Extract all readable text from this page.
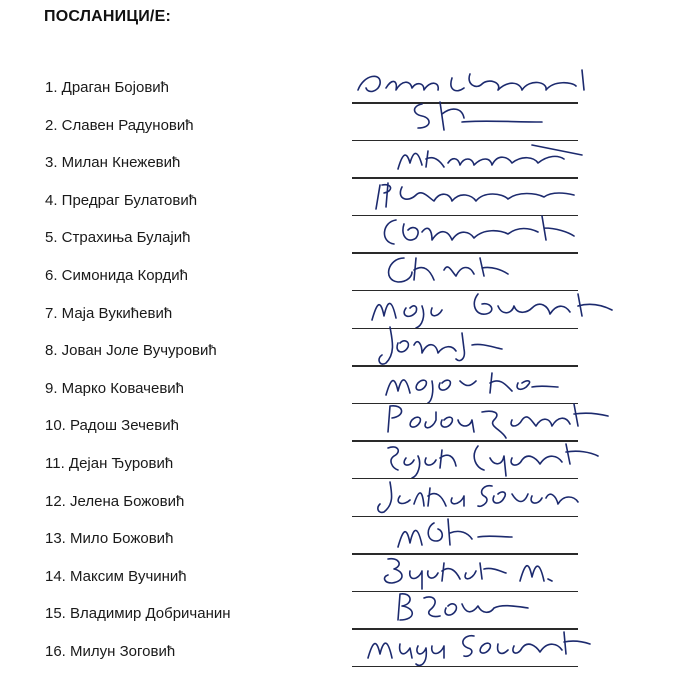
ПОСЛАНИЦИ/Е:
1. Драган Бојовић
2. Славен Радуновић
3. Милан Кнежевић
4. Предраг Булатовић
5. Страхиња Булајић
6. Симонида Кордић
7. Маја Вукићевић
8. Јован Јоле Вучуровић
9. Марко Ковачевић
10. Радош Зечевић
11. Дејан Ђуровић
12. Јелена Божовић
13. Мило Божовић
14. Максим Вучинић
15. Владимир Добричанин
16. Милун Зоговић
